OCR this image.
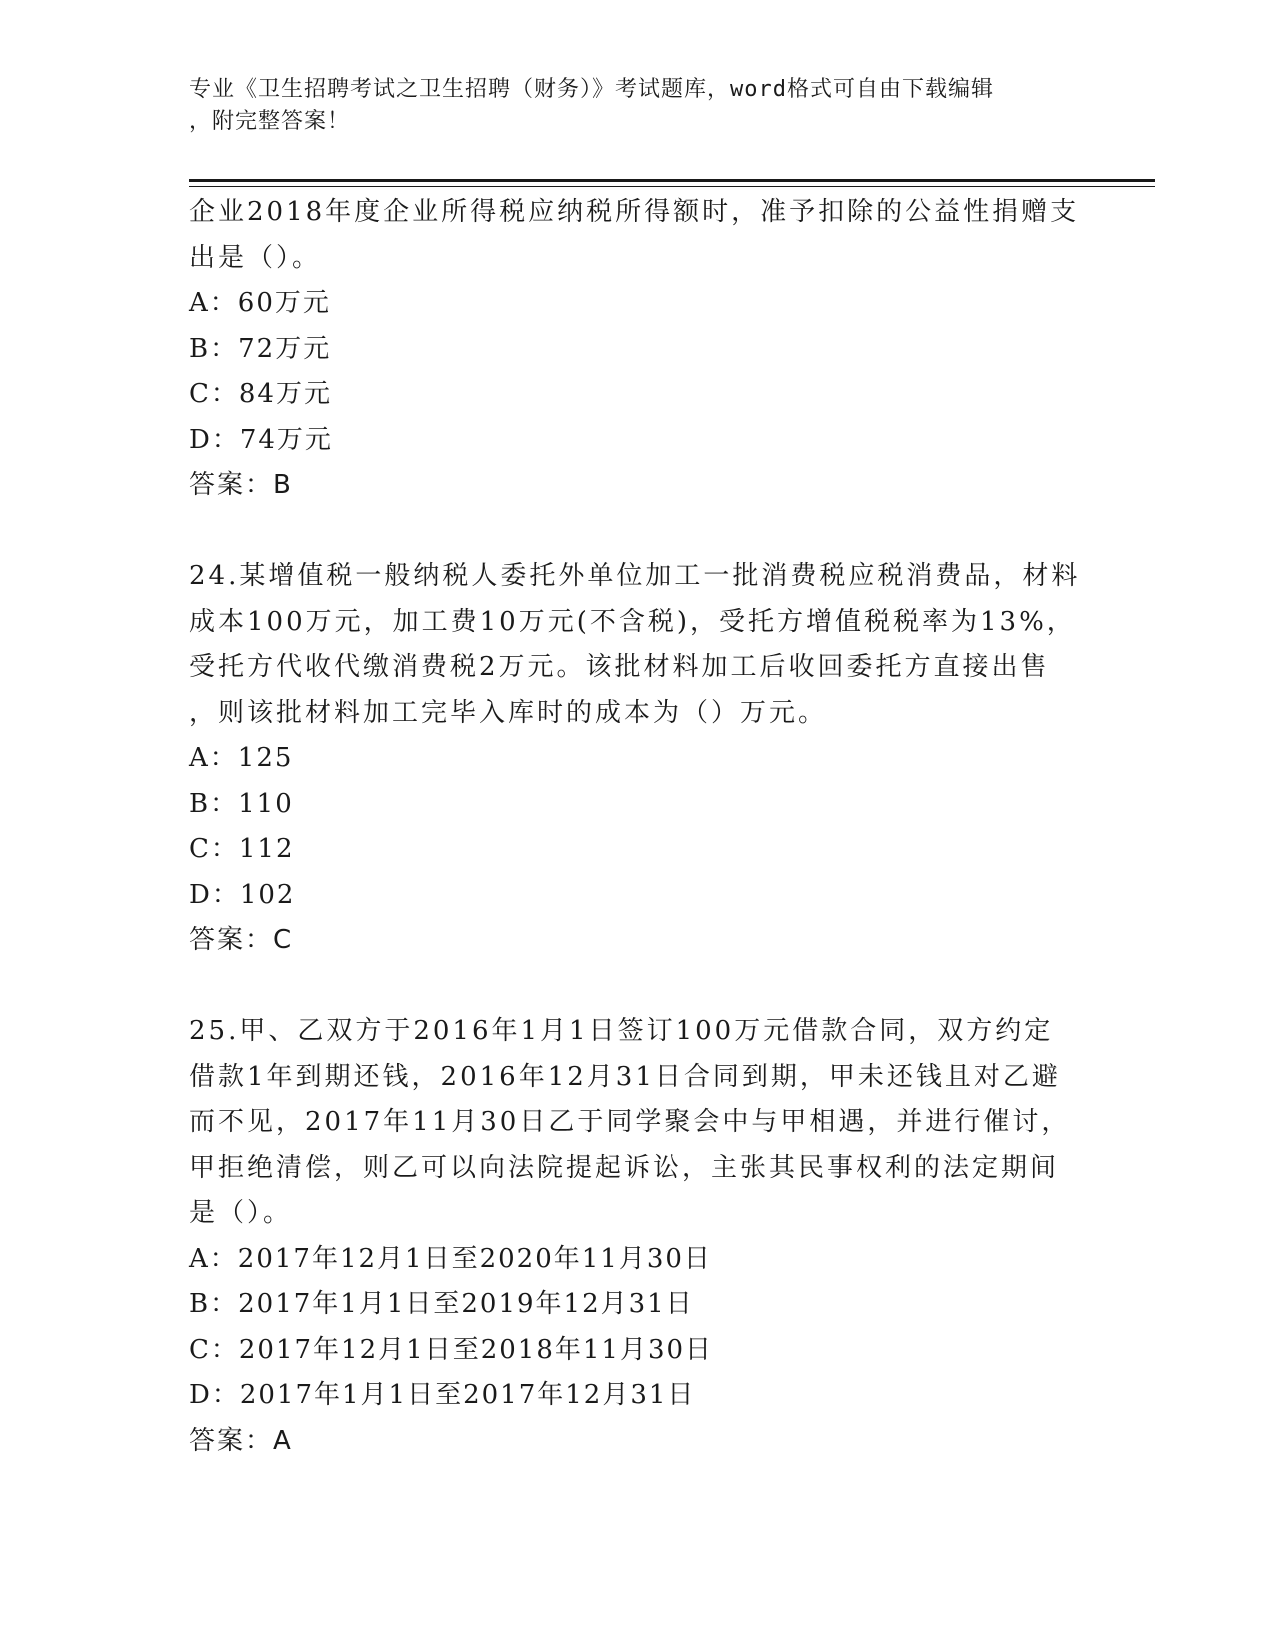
专业《卫生招聘考试之卫生招聘（财务）》考试题库，word格式可自由下载编辑
，附完整答案！
企业2018年度企业所得税应纳税所得额时，准予扣除的公益性捐赠支
出是（）。
A：60万元
B：72万元
C：84万元
D：74万元
答案：B
24.某增值税一般纳税人委托外单位加工一批消费税应税消费品，材料
成本100万元，加工费10万元(不含税)，受托方增值税税率为13%，
受托方代收代缴消费税2万元。该批材料加工后收回委托方直接出售
，则该批材料加工完毕入库时的成本为（）万元。
A：125
B：110
C：112
D：102
答案：C
25.甲、乙双方于2016年1月1日签订100万元借款合同，双方约定
借款1年到期还钱，2016年12月31日合同到期，甲未还钱且对乙避
而不见，2017年11月30日乙于同学聚会中与甲相遇，并进行催讨，
甲拒绝清偿，则乙可以向法院提起诉讼，主张其民事权利的法定期间
是（）。
A：2017年12月1日至2020年11月30日
B：2017年1月1日至2019年12月31日
C：2017年12月1日至2018年11月30日
D：2017年1月1日至2017年12月31日
答案：A
